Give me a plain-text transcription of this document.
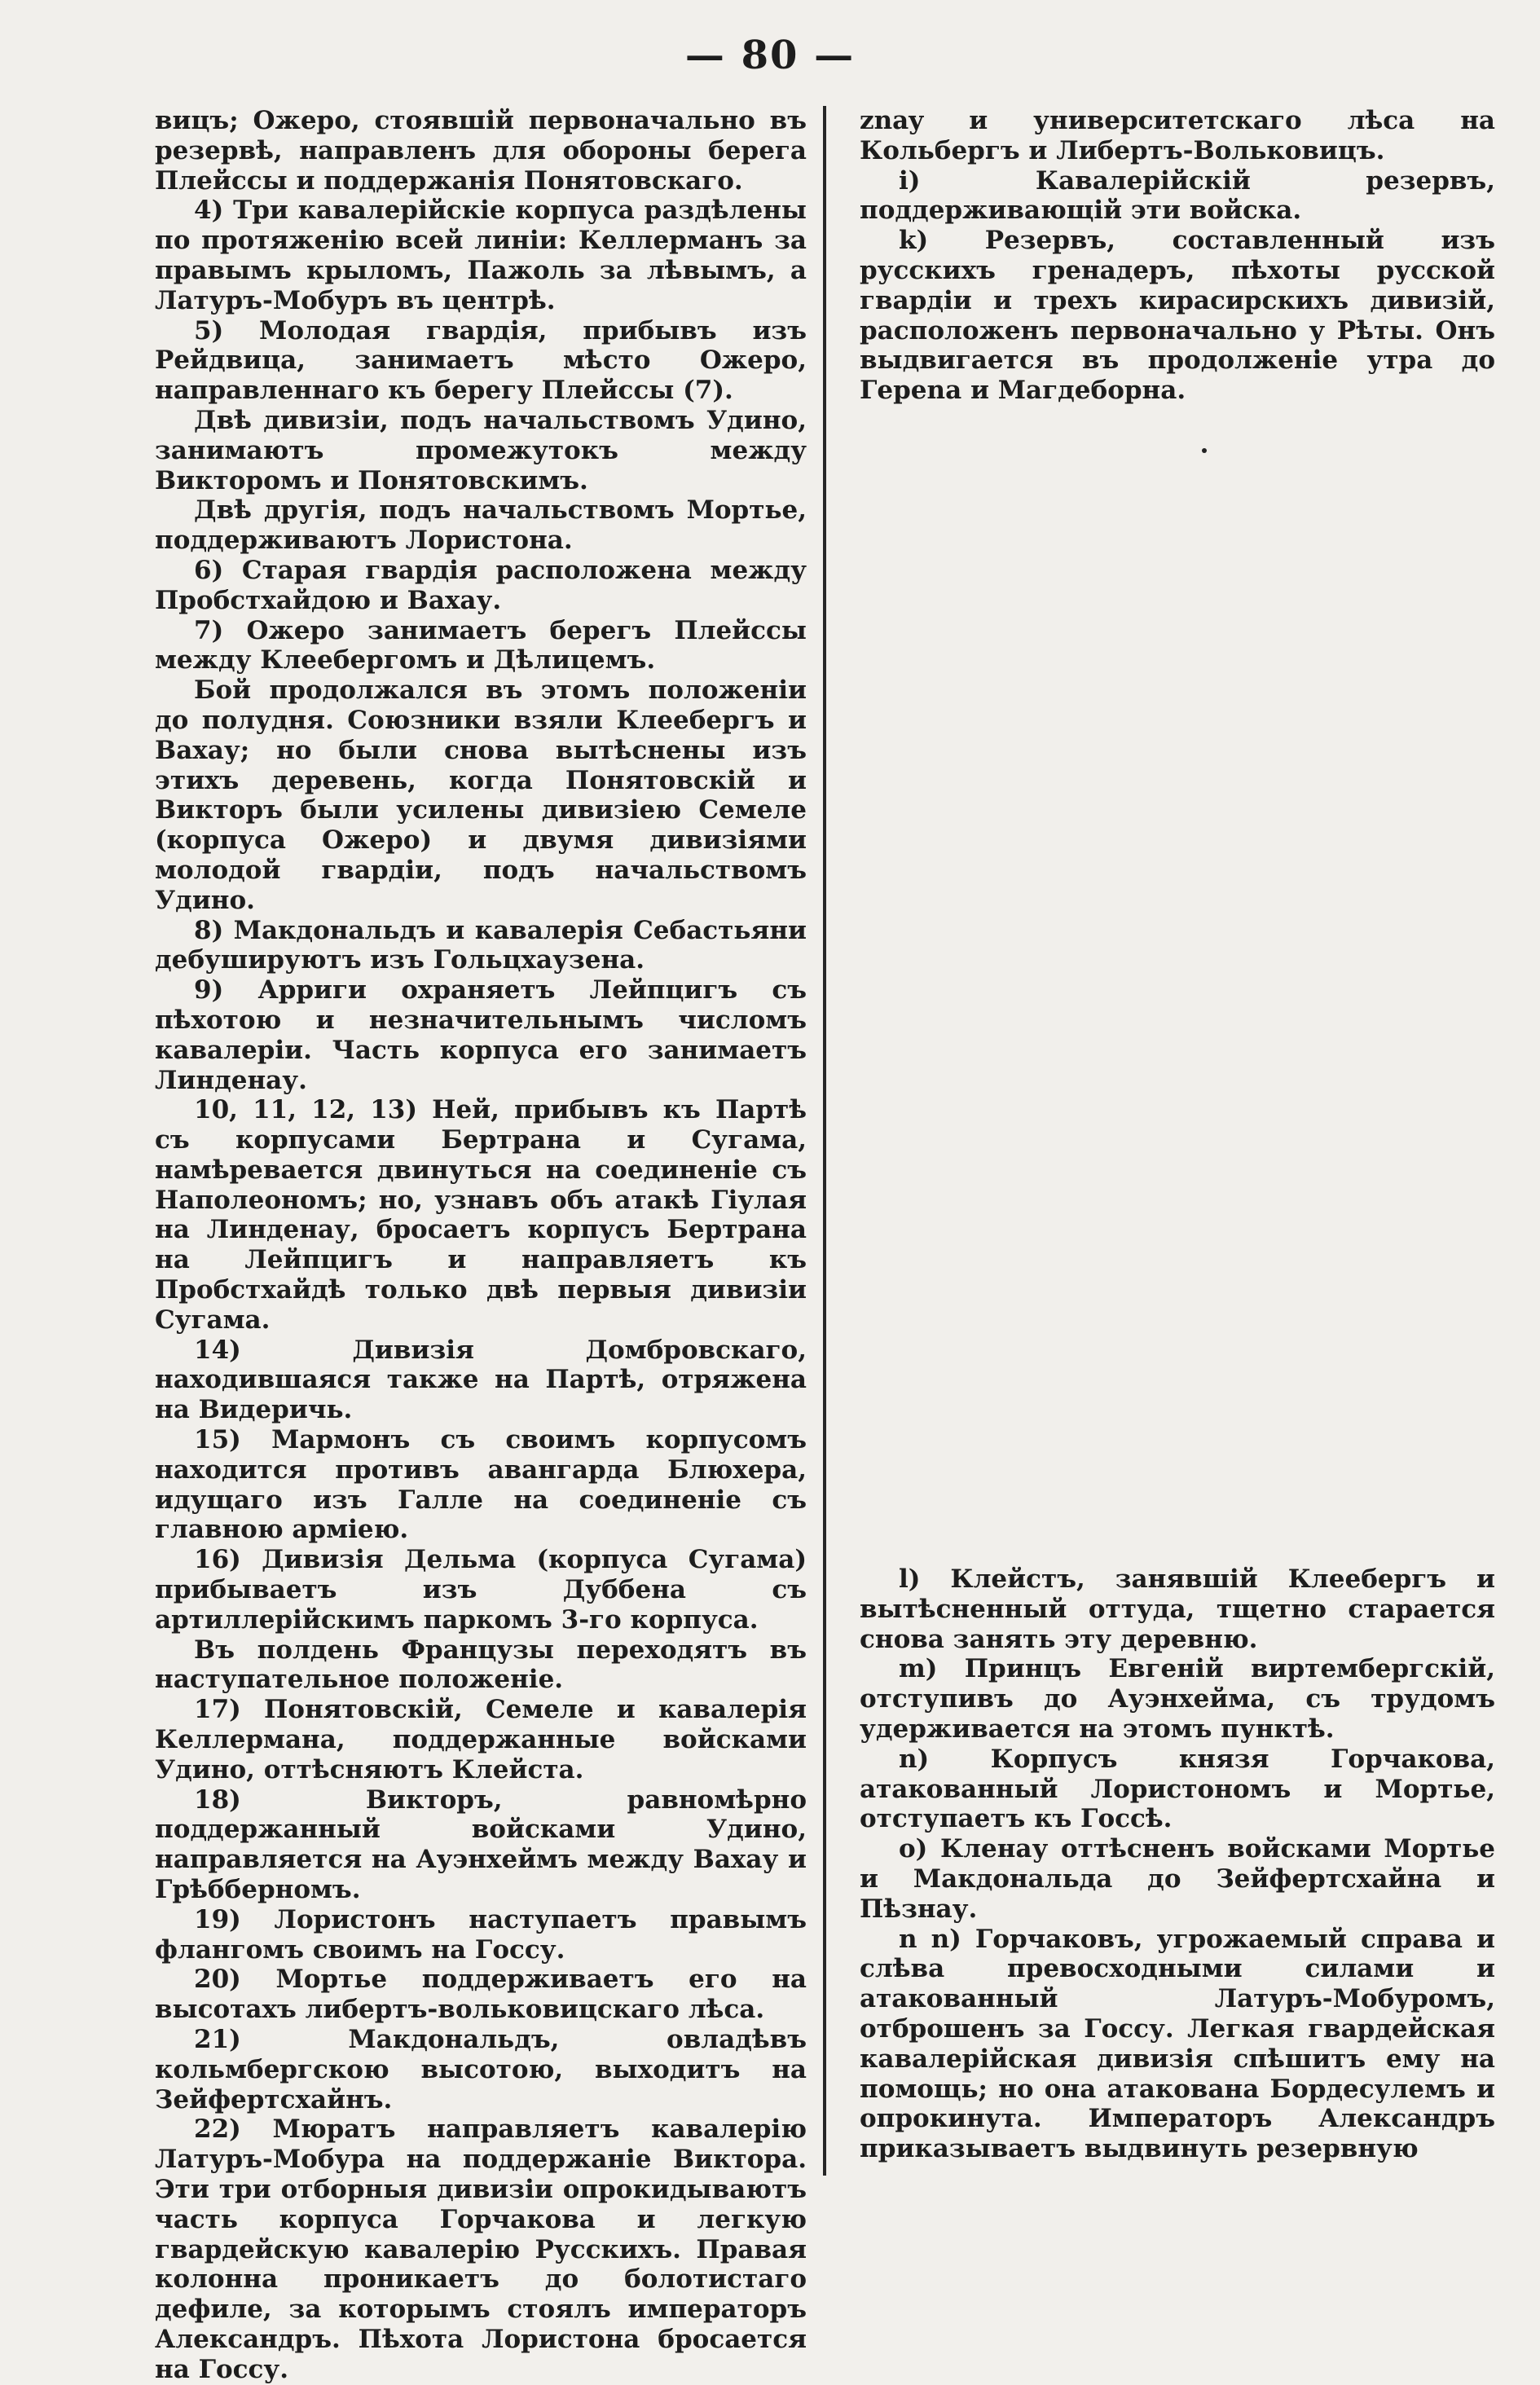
— 80 —

вицъ; Ожеро, стоявшій первоначально въ резервѣ, направленъ для обороны берега Плейссы и поддержанія Понятовскаго.

4) Три кавалерійскіе корпуса раздѣлены по протяженію всей линіи: Келлерманъ за правымъ крыломъ, Пажоль за лѣвымъ, а Латуръ-Мобуръ въ центрѣ.

5) Молодая гвардія, прибывъ изъ Рейдвица, занимаетъ мѣсто Ожеро, направленнаго къ берегу Плейссы (7).

Двѣ дивизіи, подъ начальствомъ Удино, занимаютъ промежутокъ между Викторомъ и Понятовскимъ.

Двѣ другія, подъ начальствомъ Мортье, поддерживаютъ Лористона.

6) Старая гвардія расположена между Пробстхайдою и Вахау.

7) Ожеро занимаетъ берегъ Плейссы между Клеебергомъ и Дѣлицемъ.

Бой продолжался въ этомъ положеніи до полудня. Союзники взяли Клеебергъ и Вахау; но были снова вытѣснены изъ этихъ деревень, когда Понятовскій и Викторъ были усилены дивизіею Семеле (корпуса Ожеро) и двумя дивизіями молодой гвардіи, подъ начальствомъ Удино.

8) Макдональдъ и кавалерія Себастьяни дебушируютъ изъ Гольцхаузена.

9) Арриги охраняетъ Лейпцигъ съ пѣхотою и незначительнымъ числомъ кавалеріи. Часть корпуса его занимаетъ Линденау.

10, 11, 12, 13) Ней, прибывъ къ Партѣ съ корпусами Бертрана и Сугама, намѣревается двинуться на соединеніе съ Наполеономъ; но, узнавъ объ атакѣ Гіулая на Линденау, бросаетъ корпусъ Бертрана на Лейпцигъ и направляетъ къ Пробстхайдѣ только двѣ первыя дивизіи Сугама.

14) Дивизія Домбровскаго, находившаяся также на Партѣ, отряжена на Видеричь.

15) Мармонъ съ своимъ корпусомъ находится противъ авангарда Блюхера, идущаго изъ Галле на соединеніе съ главною арміею.

16) Дивизія Дельма (корпуса Сугама) прибываетъ изъ Дуббена съ артиллерійскимъ паркомъ 3-го корпуса.

Въ полдень Французы переходятъ въ наступательное положеніе.

17) Понятовскій, Семеле и кавалерія Келлермана, поддержанные войсками Удино, оттѣсняютъ Клейста.

18) Викторъ, равномѣрно поддержанный войсками Удино, направляется на Ауэнхеймъ между Вахау и Грѣбберномъ.

19) Лористонъ наступаетъ правымъ флангомъ своимъ на Госсу.

20) Мортье поддерживаетъ его на высотахъ либертъ-вольковицскаго лѣса.

21) Макдональдъ, овладѣвъ кольмбергскою высотою, выходитъ на Зейфертсхайнъ.

22) Мюратъ направляетъ кавалерію Латуръ-Мобура на поддержаніе Виктора. Эти три отборныя дивизіи опрокидываютъ часть корпуса Горчакова и легкую гвардейскую кавалерію Русскихъ. Правая колонна проникаетъ до болотистаго дефиле, за которымъ стоялъ императоръ Александръ. Пѣхота Лористона бросается на Госсу.

znay и университетскаго лѣса на Кольбергъ и Либертъ-Вольковицъ.

i) Кавалерійскій резервъ, поддерживающій эти войска.

k) Резервъ, составленный изъ русскихъ гренадеръ, пѣхоты русской гвардіи и трехъ кирасирскихъ дивизій, расположенъ первоначально у Рѣты. Онъ выдвигается въ продолженіе утра до Гереnа и Магдеборна.

l) Клейстъ, занявшій Клеебергъ и вытѣсненный оттуда, тщетно старается снова занять эту деревню.

m) Принцъ Евгеній виртембергскій, отступивъ до Ауэнхейма, съ трудомъ удерживается на этомъ пунктѣ.

n) Корпусъ князя Горчакова, атакованный Лористономъ и Мортье, отступаетъ къ Госсѣ.

o) Кленау оттѣсненъ войсками Мортье и Макдональда до Зейфертсхайна и Пѣзнау.

n n) Горчаковъ, угрожаемый справа и слѣва превосходными силами и атакованный Латуръ-Мобуромъ, отброшенъ за Госсу. Легкая гвардейская кавалерійская дивизія спѣшитъ ему на помощь; но она атакована Бордесулемъ и опрокинута. Императоръ Александръ приказываетъ выдвинуть резервную
